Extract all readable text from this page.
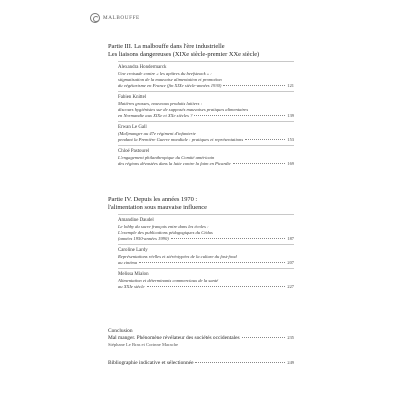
MALBOUFFE
Partie III. La malbouffe dans l'ère industrielle
Les liaisons dangereuses (XIXe siècle-premier XXe siècle)
Alexandra Hondermarck
Une croisade contre « les apôtres du beefsteack » :
stigmatisation de la mauvaise alimentation et promotion
du végétarisme en France (fin XIXe siècle-années 1930)	121
Fabien Knittel
Matières grasses, nouveaux produits laitiers :
discours hygiénistes sur de supposés mauvaises pratiques alimentaires
en Normandie aux XIXe et XXe siècles ?	139
Erwan Le Gall
(Mal)manger au 47e régiment d'infanterie
pendant la Première Guerre mondiale : pratiques et représentations	153
Chloé Pastourel
L'engagement philanthropique du Comité américain
des régions dévastées dans la lutte contre la faim en Picardie	169
Partie IV. Depuis les années 1970 :
l'alimentation sous mauvaise influence
Amandine Daudel
Le lobby du sucre français entre dans les écoles :
L'exemple des publications pédagogiques du Cédus
(années 1950-années 1990)	187
Caroline Lardy
Représentations réelles et stéréotypées de la culture du fast-food
au cinéma	207
Melissa Mialon
Alimentation et déterminants commerciaux de la santé
au XXIe siècle	227
Conclusion
Mal manger. Phénomène révélateur des sociétés occidentales	235
Stéphane Le Bras et Corinne Marache
Bibliographie indicative et sélectionnée	249
